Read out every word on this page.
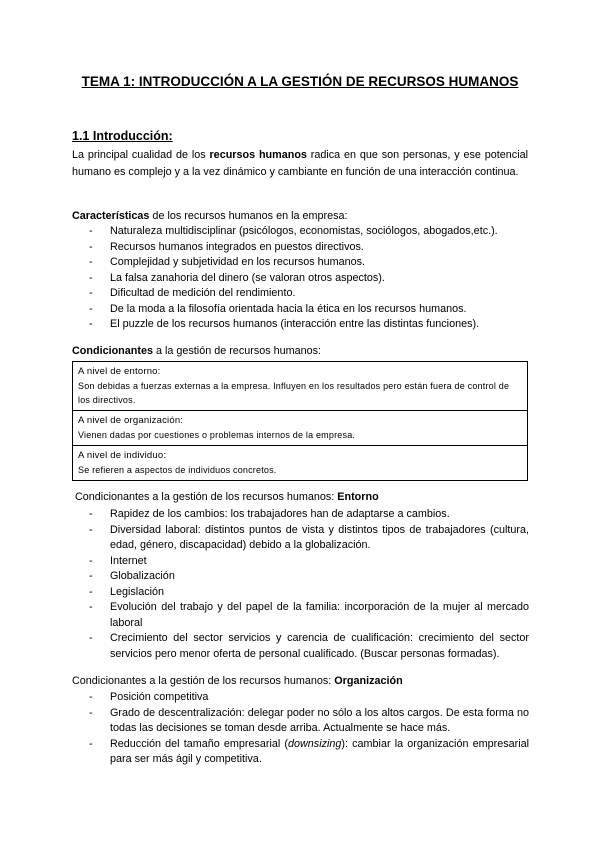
TEMA 1: INTRODUCCIÓN A LA GESTIÓN DE RECURSOS HUMANOS
1.1 Introducción:
La principal cualidad de los recursos humanos radica en que son personas, y ese potencial humano es complejo y a la vez dinámico y cambiante en función de una interacción continua.
Características de los recursos humanos en la empresa:
- Naturaleza multidisciplinar (psicólogos, economistas, sociólogos, abogados,etc.).
- Recursos humanos integrados en puestos directivos.
- Complejidad y subjetividad en los recursos humanos.
- La falsa zanahoria del dinero (se valoran otros aspectos).
- Dificultad de medición del rendimiento.
- De la moda a la filosofía orientada hacia la ética en los recursos humanos.
- El puzzle de los recursos humanos (interacción entre las distintas funciones).
Condicionantes a la gestión de recursos humanos:
A nivel de entorno:
Son debidas a fuerzas externas a la empresa. Influyen en los resultados pero están fuera de control de los directivos.

A nivel de organización:
Vienen dadas por cuestiones o problemas internos de la empresa.

A nivel de individuo:
Se refieren a aspectos de individuos concretos.
Condicionantes a la gestión de los recursos humanos: Entorno
- Rapidez de los cambios: los trabajadores han de adaptarse a cambios.
- Diversidad laboral: distintos puntos de vista y distintos tipos de trabajadores (cultura, edad, género, discapacidad) debido a la globalización.
- Internet
- Globalización
- Legislación
- Evolución del trabajo y del papel de la familia: incorporación de la mujer al mercado laboral
- Crecimiento del sector servicios y carencia de cualificación: crecimiento del sector servicios pero menor oferta de personal cualificado. (Buscar personas formadas).
Condicionantes a la gestión de los recursos humanos: Organización
- Posición competitiva
- Grado de descentralización: delegar poder no sólo a los altos cargos. De esta forma no todas las decisiones se toman desde arriba. Actualmente se hace más.
- Reducción del tamaño empresarial (downsizing): cambiar la organización empresarial para ser más ágil y competitiva.
